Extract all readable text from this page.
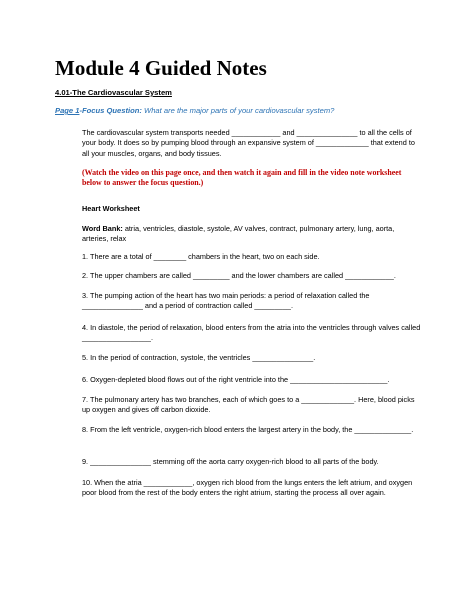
Module 4 Guided Notes

4.01-The Cardiovascular System

Page 1-Focus Question: What are the major parts of your cardiovascular system?

The cardiovascular system transports needed ____________ and _______________ to all the cells of your body. It does so by pumping blood through an expansive system of _____________ that extend to all your muscles, organs, and body tissues.

(Watch the video on this page once, and then watch it again and fill in the video note worksheet below to answer the focus question.)

Heart Worksheet

Word Bank: atria, ventricles, diastole, systole, AV valves, contract, pulmonary artery, lung, aorta, arteries, relax

1. There are a total of ________ chambers in the heart, two on each side.

2. The upper chambers are called _________ and the lower chambers are called ____________.

3. The pumping action of the heart has two main periods: a period of relaxation called the _______________ and a period of contraction called _________.

4. In diastole, the period of relaxation, blood enters from the atria into the ventricles through valves called _________________.

5. In the period of contraction, systole, the ventricles _______________.

6. Oxygen-depleted blood flows out of the right ventricle into the ________________________.

7. The pulmonary artery has two branches, each of which goes to a _____________. Here, blood picks up oxygen and gives off carbon dioxide.

8. From the left ventricle, oxygen-rich blood enters the largest artery in the body, the ______________.

9. _______________ stemming off the aorta carry oxygen-rich blood to all parts of the body.

10. When the atria ____________, oxygen rich blood from the lungs enters the left atrium, and oxygen poor blood from the rest of the body enters the right atrium, starting the process all over again.
